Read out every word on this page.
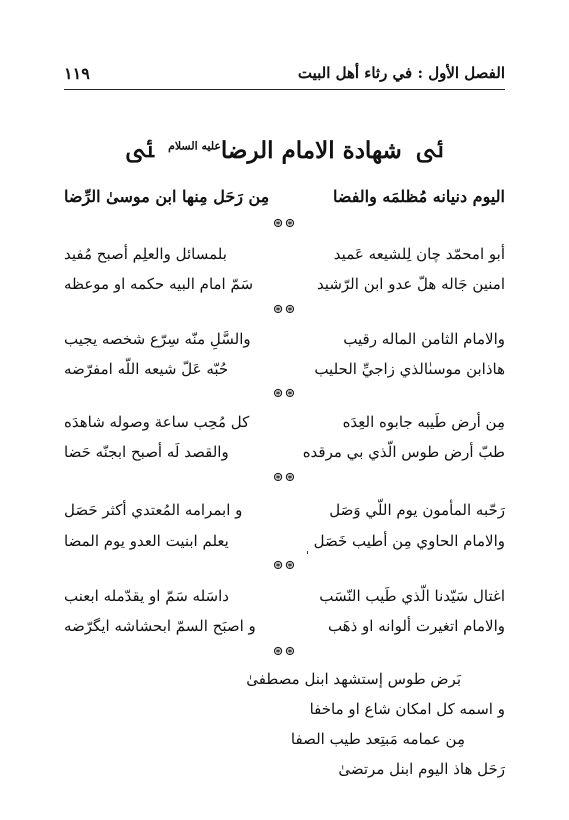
الفصل الأول : في رثاء أهل البيت
١١٩
ﯹ
شهادة الامام الرضا$^{عليه السلام}$
ﯺ
اليوم دنيانه مُظلمَه والفضا
مِن رَحَل مِنها ابن موسىٰ الرِّضا
⊛⊛
أبو امحمّد چان لِلشيعه عَميد
بلمسائل والعلِم أصبح مُفيد
امنين جَاله هلّ عدو ابن الرّشيد
سَمّ امام البيه حكمه او موعظه
⊛⊛
والامام الثامن الماله رقيب
والسَّلِ منّه سِرّع شخصه يجيب
هاذابن موسىٰالذي زاجيِّ الحليب
حُبّه عَلّ شيعه اللّه امفرّضه
⊛⊛
مِن أرض طَيبه جابوه العِدَه
كل مُحِب ساعة وصوله شاهدَه
طبّ أرض طوس الّذي بي مرقده
والقصد لَه أصبح ابجنّه حَضا
⊛⊛
رَحّبه المأمون يوم اللّي وَصَل
و ابمرامه المُعتدي أكثر حَصَل
والامام الحاوي مِن أطيب خَصَل
يعلم ابنيت العدو يوم المضا
'
⊛⊛
اغتال سَيّدنا الّذي طَيب النّسَب
داسَله سَمّ او يقدّمله ابعنب
والامام اتغيرت ألوانه او ذهَب
و اصبَح السمّ ابحشاشه ايگرّضه
⊛⊛
بَرض طوس إستشهد ابنل مصطفىٰ
و اسمه كل امكان شاع او ماخفا
مِن عمامه مَبتِعد طيب الصفا
رَحَل هاذ اليوم ابنل مرتضىٰ
